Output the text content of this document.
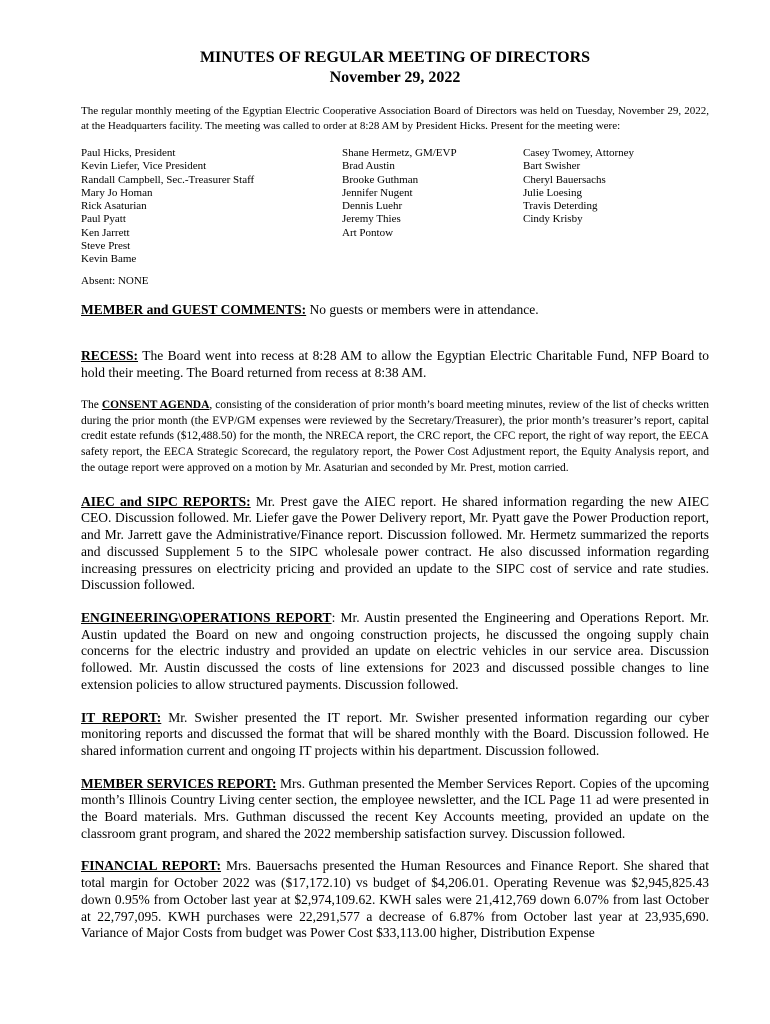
MINUTES OF REGULAR MEETING OF DIRECTORS
November 29, 2022

The regular monthly meeting of the Egyptian Electric Cooperative Association Board of Directors was held on Tuesday, November 29, 2022, at the Headquarters facility. The meeting was called to order at 8:28 AM by President Hicks. Present for the meeting were:

Paul Hicks, President
Kevin Liefer, Vice President
Randall Campbell, Sec.-Treasurer Staff
Mary Jo Homan
Rick Asaturian
Paul Pyatt
Ken Jarrett
Steve Prest
Kevin Bame
Shane Hermetz, GM/EVP
Brad Austin
Brooke Guthman
Jennifer Nugent
Dennis Luehr
Jeremy Thies
Art Pontow
Casey Twomey, Attorney
Bart Swisher
Cheryl Bauersachs
Julie Loesing
Travis Deterding
Cindy Krisby
Absent: NONE

MEMBER and GUEST COMMENTS: No guests or members were in attendance.

RECESS: The Board went into recess at 8:28 AM to allow the Egyptian Electric Charitable Fund, NFP Board to hold their meeting. The Board returned from recess at 8:38 AM.

The CONSENT AGENDA, consisting of the consideration of prior month’s board meeting minutes, review of the list of checks written during the prior month (the EVP/GM expenses were reviewed by the Secretary/Treasurer), the prior month’s treasurer’s report, capital credit estate refunds ($12,488.50) for the month, the NRECA report, the CRC report, the CFC report, the right of way report, the EECA safety report, the EECA Strategic Scorecard, the regulatory report, the Power Cost Adjustment report, the Equity Analysis report, and the outage report were approved on a motion by Mr. Asaturian and seconded by Mr. Prest, motion carried.

AIEC and SIPC REPORTS: Mr. Prest gave the AIEC report. He shared information regarding the new AIEC CEO. Discussion followed. Mr. Liefer gave the Power Delivery report, Mr. Pyatt gave the Power Production report, and Mr. Jarrett gave the Administrative/Finance report. Discussion followed. Mr. Hermetz summarized the reports and discussed Supplement 5 to the SIPC wholesale power contract. He also discussed information regarding increasing pressures on electricity pricing and provided an update to the SIPC cost of service and rate studies. Discussion followed.

ENGINEERING\OPERATIONS REPORT: Mr. Austin presented the Engineering and Operations Report. Mr. Austin updated the Board on new and ongoing construction projects, he discussed the ongoing supply chain concerns for the electric industry and provided an update on electric vehicles in our service area. Discussion followed. Mr. Austin discussed the costs of line extensions for 2023 and discussed possible changes to line extension policies to allow structured payments. Discussion followed.

IT REPORT: Mr. Swisher presented the IT report. Mr. Swisher presented information regarding our cyber monitoring reports and discussed the format that will be shared monthly with the Board. Discussion followed. He shared information current and ongoing IT projects within his department. Discussion followed.

MEMBER SERVICES REPORT: Mrs. Guthman presented the Member Services Report. Copies of the upcoming month’s Illinois Country Living center section, the employee newsletter, and the ICL Page 11 ad were presented in the Board materials. Mrs. Guthman discussed the recent Key Accounts meeting, provided an update on the classroom grant program, and shared the 2022 membership satisfaction survey. Discussion followed.

FINANCIAL REPORT: Mrs. Bauersachs presented the Human Resources and Finance Report. She shared that total margin for October 2022 was ($17,172.10) vs budget of $4,206.01. Operating Revenue was $2,945,825.43 down 0.95% from October last year at $2,974,109.62. KWH sales were 21,412,769 down 6.07% from last October at 22,797,095. KWH purchases were 22,291,577 a decrease of 6.87% from October last year at 23,935,690. Variance of Major Costs from budget was Power Cost $33,113.00 higher, Distribution Expense
